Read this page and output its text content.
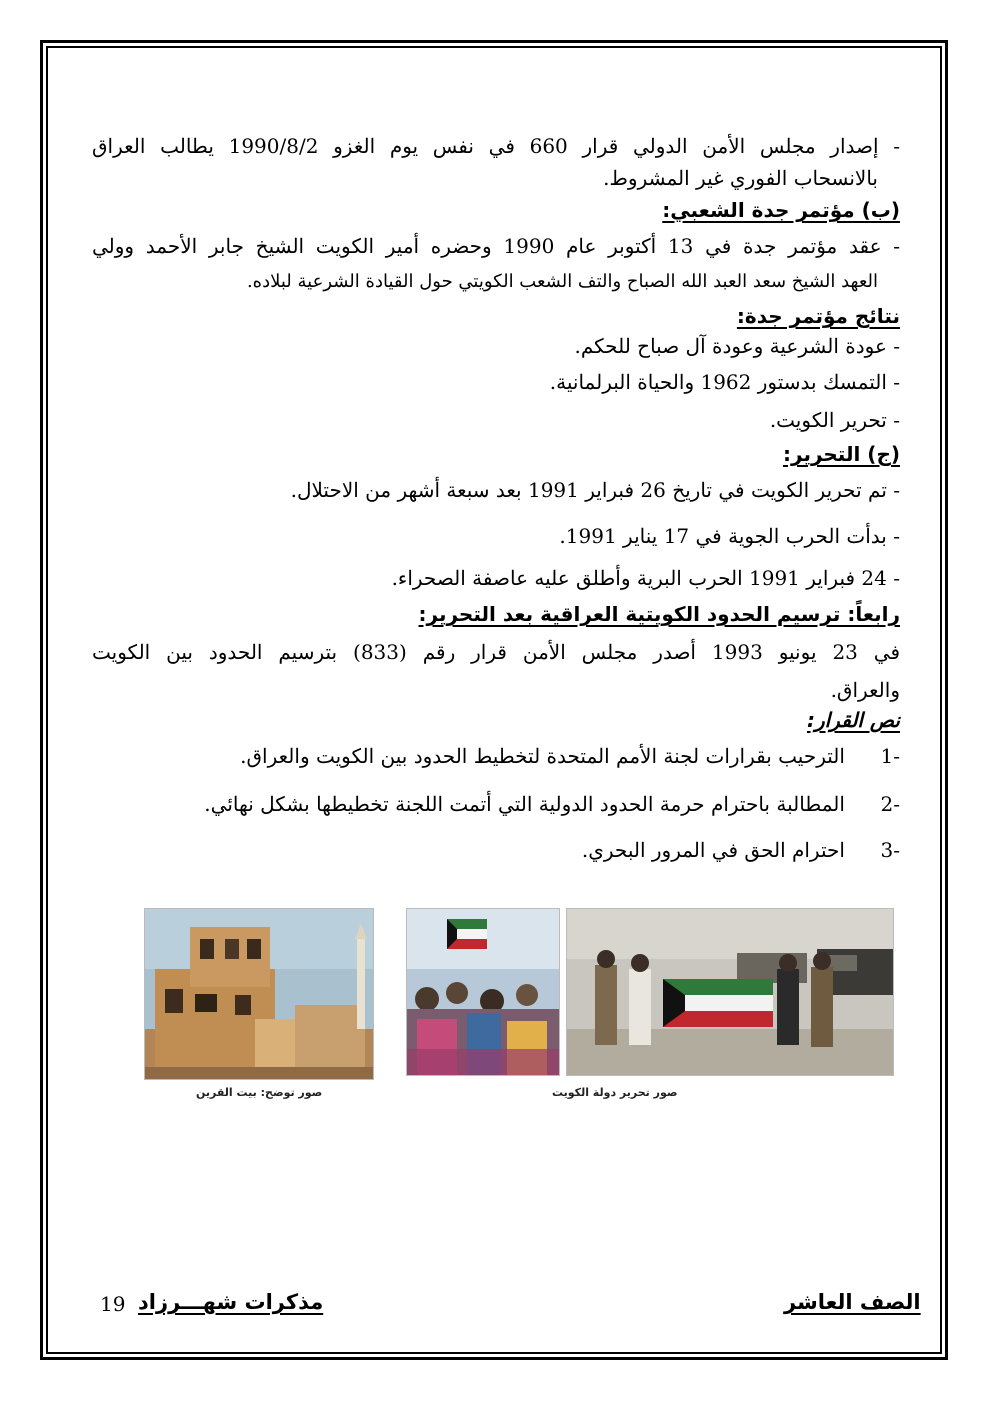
- إصدار مجلس الأمن الدولي قرار 660 في نفس يوم الغزو 1990/8/2 يطالب العراق
بالانسحاب الفوري غير المشروط.
(ب) مؤتمر جدة الشعبي:
- عقد مؤتمر جدة في 13 أكتوبر عام 1990 وحضره أمير الكويت الشيخ جابر الأحمد وولي
العهد الشيخ سعد العبد الله الصباح والتف الشعب الكويتي حول القيادة الشرعية لبلاده.
نتائج مؤتمر جدة:
- عودة الشرعية وعودة آل صباح للحكم.
- التمسك بدستور 1962 والحياة البرلمانية.
- تحرير الكويت.
(ج) التحرير:
- تم تحرير الكويت في تاريخ 26 فبراير 1991 بعد سبعة أشهر من الاحتلال.
- بدأت الحرب الجوية في 17 يناير 1991.
- 24 فبراير 1991 الحرب البرية وأطلق عليه عاصفة الصحراء.
رابعاً: ترسيم الحدود الكويتية العراقية بعد التحرير:
في 23 يونيو 1993 أصدر مجلس الأمن قرار رقم (833) بترسيم الحدود بين الكويت
والعراق.
نص القرار:
-1   الترحيب بقرارات لجنة الأمم المتحدة لتخطيط الحدود بين الكويت والعراق.
-2   المطالبة باحترام حرمة الحدود الدولية التي أتمت اللجنة تخطيطها بشكل نهائي.
-3   احترام الحق في المرور البحري.
صور توضح: بيت القرين	صور تحرير دولة الكويت
الصف العاشر
مذكرات شهـــرزاد
19
